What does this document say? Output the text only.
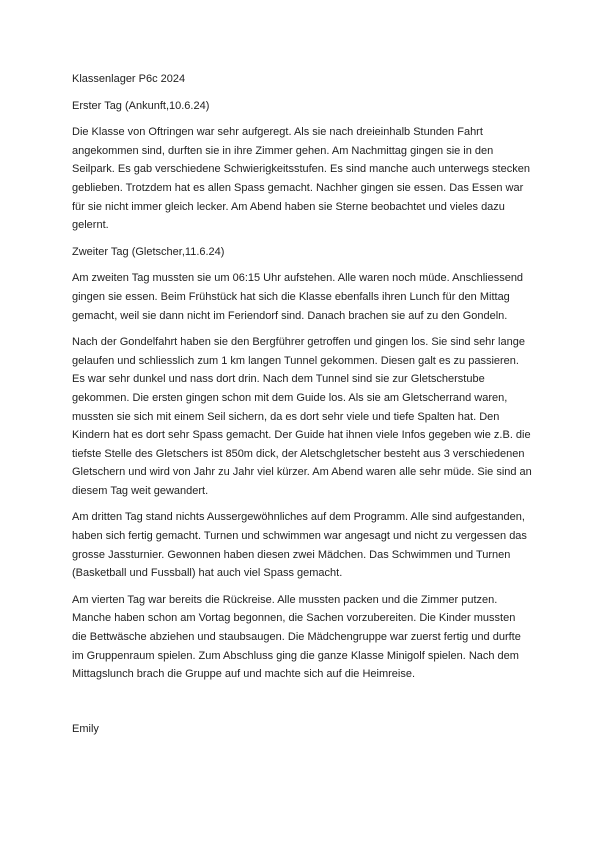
Klassenlager P6c 2024

Erster Tag (Ankunft,10.6.24)

Die Klasse von Oftringen war sehr aufgeregt. Als sie nach dreieinhalb Stunden Fahrt angekommen sind, durften sie in ihre Zimmer gehen. Am Nachmittag gingen sie in den Seilpark. Es gab verschiedene Schwierigkeitsstufen. Es sind manche auch unterwegs stecken geblieben. Trotzdem hat es allen Spass gemacht. Nachher gingen sie essen. Das Essen war für sie nicht immer gleich lecker. Am Abend haben sie Sterne beobachtet und vieles dazu gelernt.

Zweiter Tag (Gletscher,11.6.24)

Am zweiten Tag mussten sie um 06:15 Uhr aufstehen. Alle waren noch müde. Anschliessend gingen sie essen. Beim Frühstück hat sich die Klasse ebenfalls ihren Lunch für den Mittag gemacht, weil sie dann nicht im Feriendorf sind. Danach brachen sie auf zu den Gondeln.

Nach der Gondelfahrt haben sie den Bergführer getroffen und gingen los. Sie sind sehr lange gelaufen und schliesslich zum 1 km langen Tunnel gekommen. Diesen galt es zu passieren. Es war sehr dunkel und nass dort drin. Nach dem Tunnel sind sie zur Gletscherstube gekommen. Die ersten gingen schon mit dem Guide los. Als sie am Gletscherrand waren, mussten sie sich mit einem Seil sichern, da es dort sehr viele und tiefe Spalten hat. Den Kindern hat es dort sehr Spass gemacht. Der Guide hat ihnen viele Infos gegeben wie z.B. die tiefste Stelle des Gletschers ist 850m dick, der Aletschgletscher besteht aus 3 verschiedenen Gletschern und wird von Jahr zu Jahr viel kürzer. Am Abend waren alle sehr müde. Sie sind an diesem Tag weit gewandert.

Am dritten Tag stand nichts Aussergewöhnliches auf dem Programm. Alle sind aufgestanden, haben sich fertig gemacht. Turnen und schwimmen war angesagt und nicht zu vergessen das grosse Jassturnier. Gewonnen haben diesen zwei Mädchen. Das Schwimmen und Turnen (Basketball und Fussball) hat auch viel Spass gemacht.

Am vierten Tag war bereits die Rückreise. Alle mussten packen und die Zimmer putzen. Manche haben schon am Vortag begonnen, die Sachen vorzubereiten. Die Kinder mussten die Bettwäsche abziehen und staubsaugen. Die Mädchengruppe war zuerst fertig und durfte im Gruppenraum spielen. Zum Abschluss ging die ganze Klasse Minigolf spielen. Nach dem Mittagslunch brach die Gruppe auf und machte sich auf die Heimreise.

Emily
